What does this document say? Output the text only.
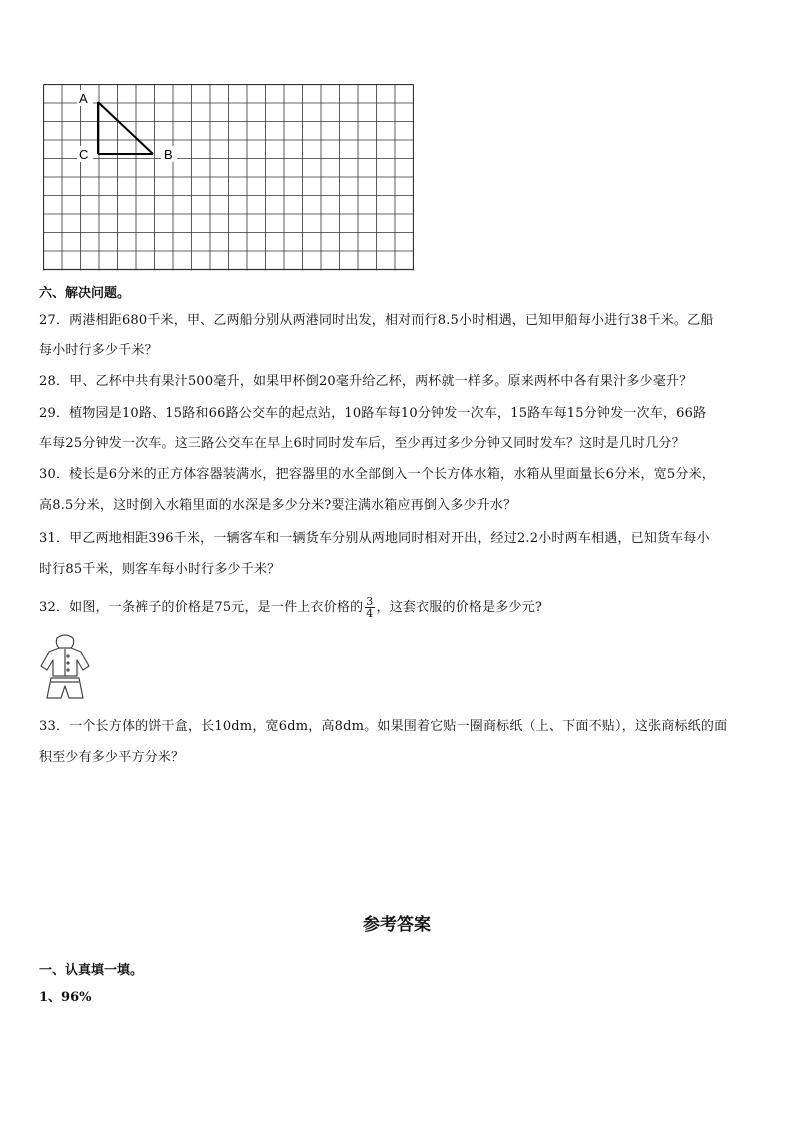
A
C	B
六、解决问题。
27．两港相距680千米，甲、乙两船分别从两港同时出发，相对而行8.5小时相遇，已知甲船每小进行38千米。乙船
每小时行多少千米？
28．甲、乙杯中共有果汁500毫升，如果甲杯倒20毫升给乙杯，两杯就一样多。原来两杯中各有果汁多少毫升？
29．植物园是10路、15路和66路公交车的起点站，10路车每10分钟发一次车，15路车每15分钟发一次车，66路
车每25分钟发一次车。这三路公交车在早上6时同时发车后，至少再过多少分钟又同时发车？这时是几时几分？
30．棱长是6分米的正方体容器装满水，把容器里的水全部倒入一个长方体水箱，水箱从里面量长6分米，宽5分米，
高8.5分米，这时倒入水箱里面的水深是多少分米?要注满水箱应再倒入多少升水？
31．甲乙两地相距396千米，一辆客车和一辆货车分别从两地同时相对开出，经过2.2小时两车相遇，已知货车每小
时行85千米，则客车每小时行多少千米？
32．如图，一条裤子的价格是75元，是一件上衣价格的 $\frac{3}{4}$ ，这套衣服的价格是多少元?
33．一个长方体的饼干盒，长10dm，宽6dm，高8dm。如果围着它贴一圈商标纸（上、下面不贴），这张商标纸的面
积至少有多少平方分米？
参考答案
一、认真填一填。
1、96%
